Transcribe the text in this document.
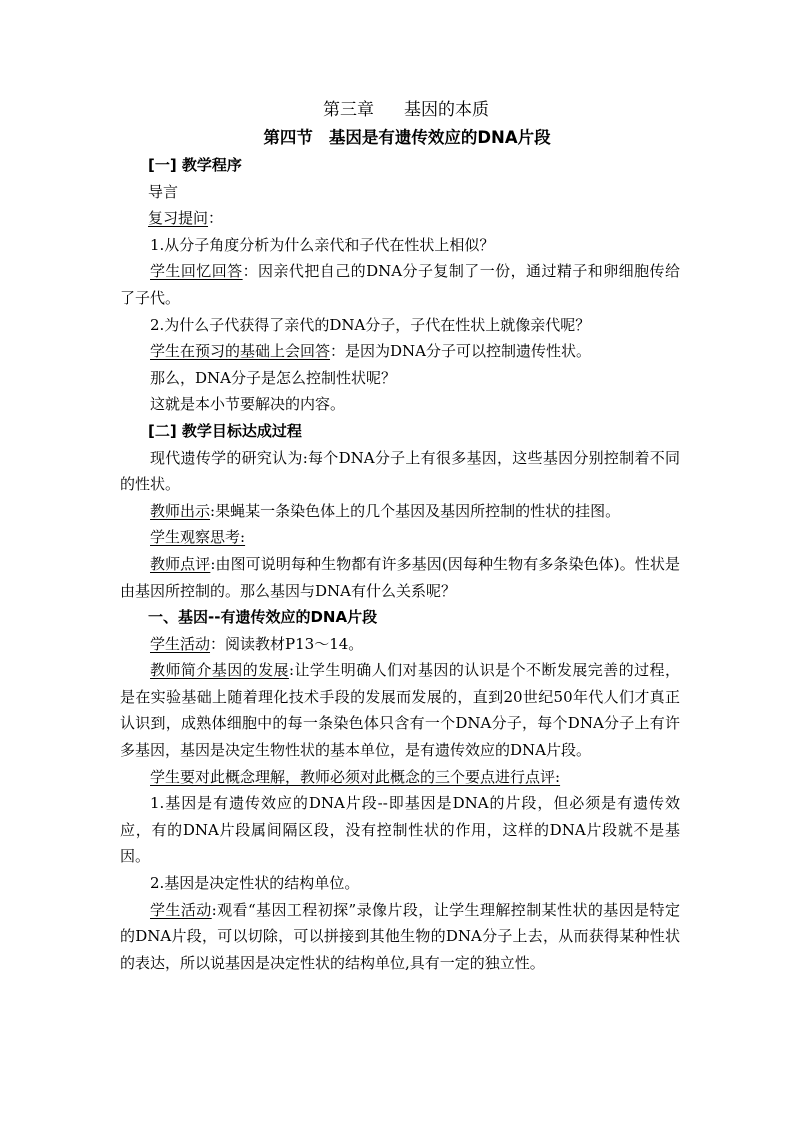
第三章 基因的本质
第四节 基因是有遗传效应的DNA片段

[一] 教学程序

导言

复习提问：

1.从分子角度分析为什么亲代和子代在性状上相似？

学生回忆回答：因亲代把自己的DNA分子复制了一份，通过精子和卵细胞传给了子代。

2.为什么子代获得了亲代的DNA分子，子代在性状上就像亲代呢？

学生在预习的基础上会回答：是因为DNA分子可以控制遗传性状。

那么，DNA分子是怎么控制性状呢？

这就是本小节要解决的内容。

[二] 教学目标达成过程

现代遗传学的研究认为:每个DNA分子上有很多基因，这些基因分别控制着不同的性状。

教师出示:果蝇某一条染色体上的几个基因及基因所控制的性状的挂图。

学生观察思考:

教师点评:由图可说明每种生物都有许多基因(因每种生物有多条染色体)。性状是由基因所控制的。那么基因与DNA有什么关系呢？

一、基因--有遗传效应的DNA片段

学生活动：阅读教材P13～14。

教师简介基因的发展:让学生明确人们对基因的认识是个不断发展完善的过程，是在实验基础上随着理化技术手段的发展而发展的，直到20世纪50年代人们才真正认识到，成熟体细胞中的每一条染色体只含有一个DNA分子，每个DNA分子上有许多基因，基因是决定生物性状的基本单位，是有遗传效应的DNA片段。

学生要对此概念理解，教师必须对此概念的三个要点进行点评:

1.基因是有遗传效应的DNA片段--即基因是DNA的片段，但必须是有遗传效应，有的DNA片段属间隔区段，没有控制性状的作用，这样的DNA片段就不是基因。

2.基因是决定性状的结构单位。

学生活动:观看“基因工程初探”录像片段，让学生理解控制某性状的基因是特定的DNA片段，可以切除，可以拼接到其他生物的DNA分子上去，从而获得某种性状的表达，所以说基因是决定性状的结构单位,具有一定的独立性。
